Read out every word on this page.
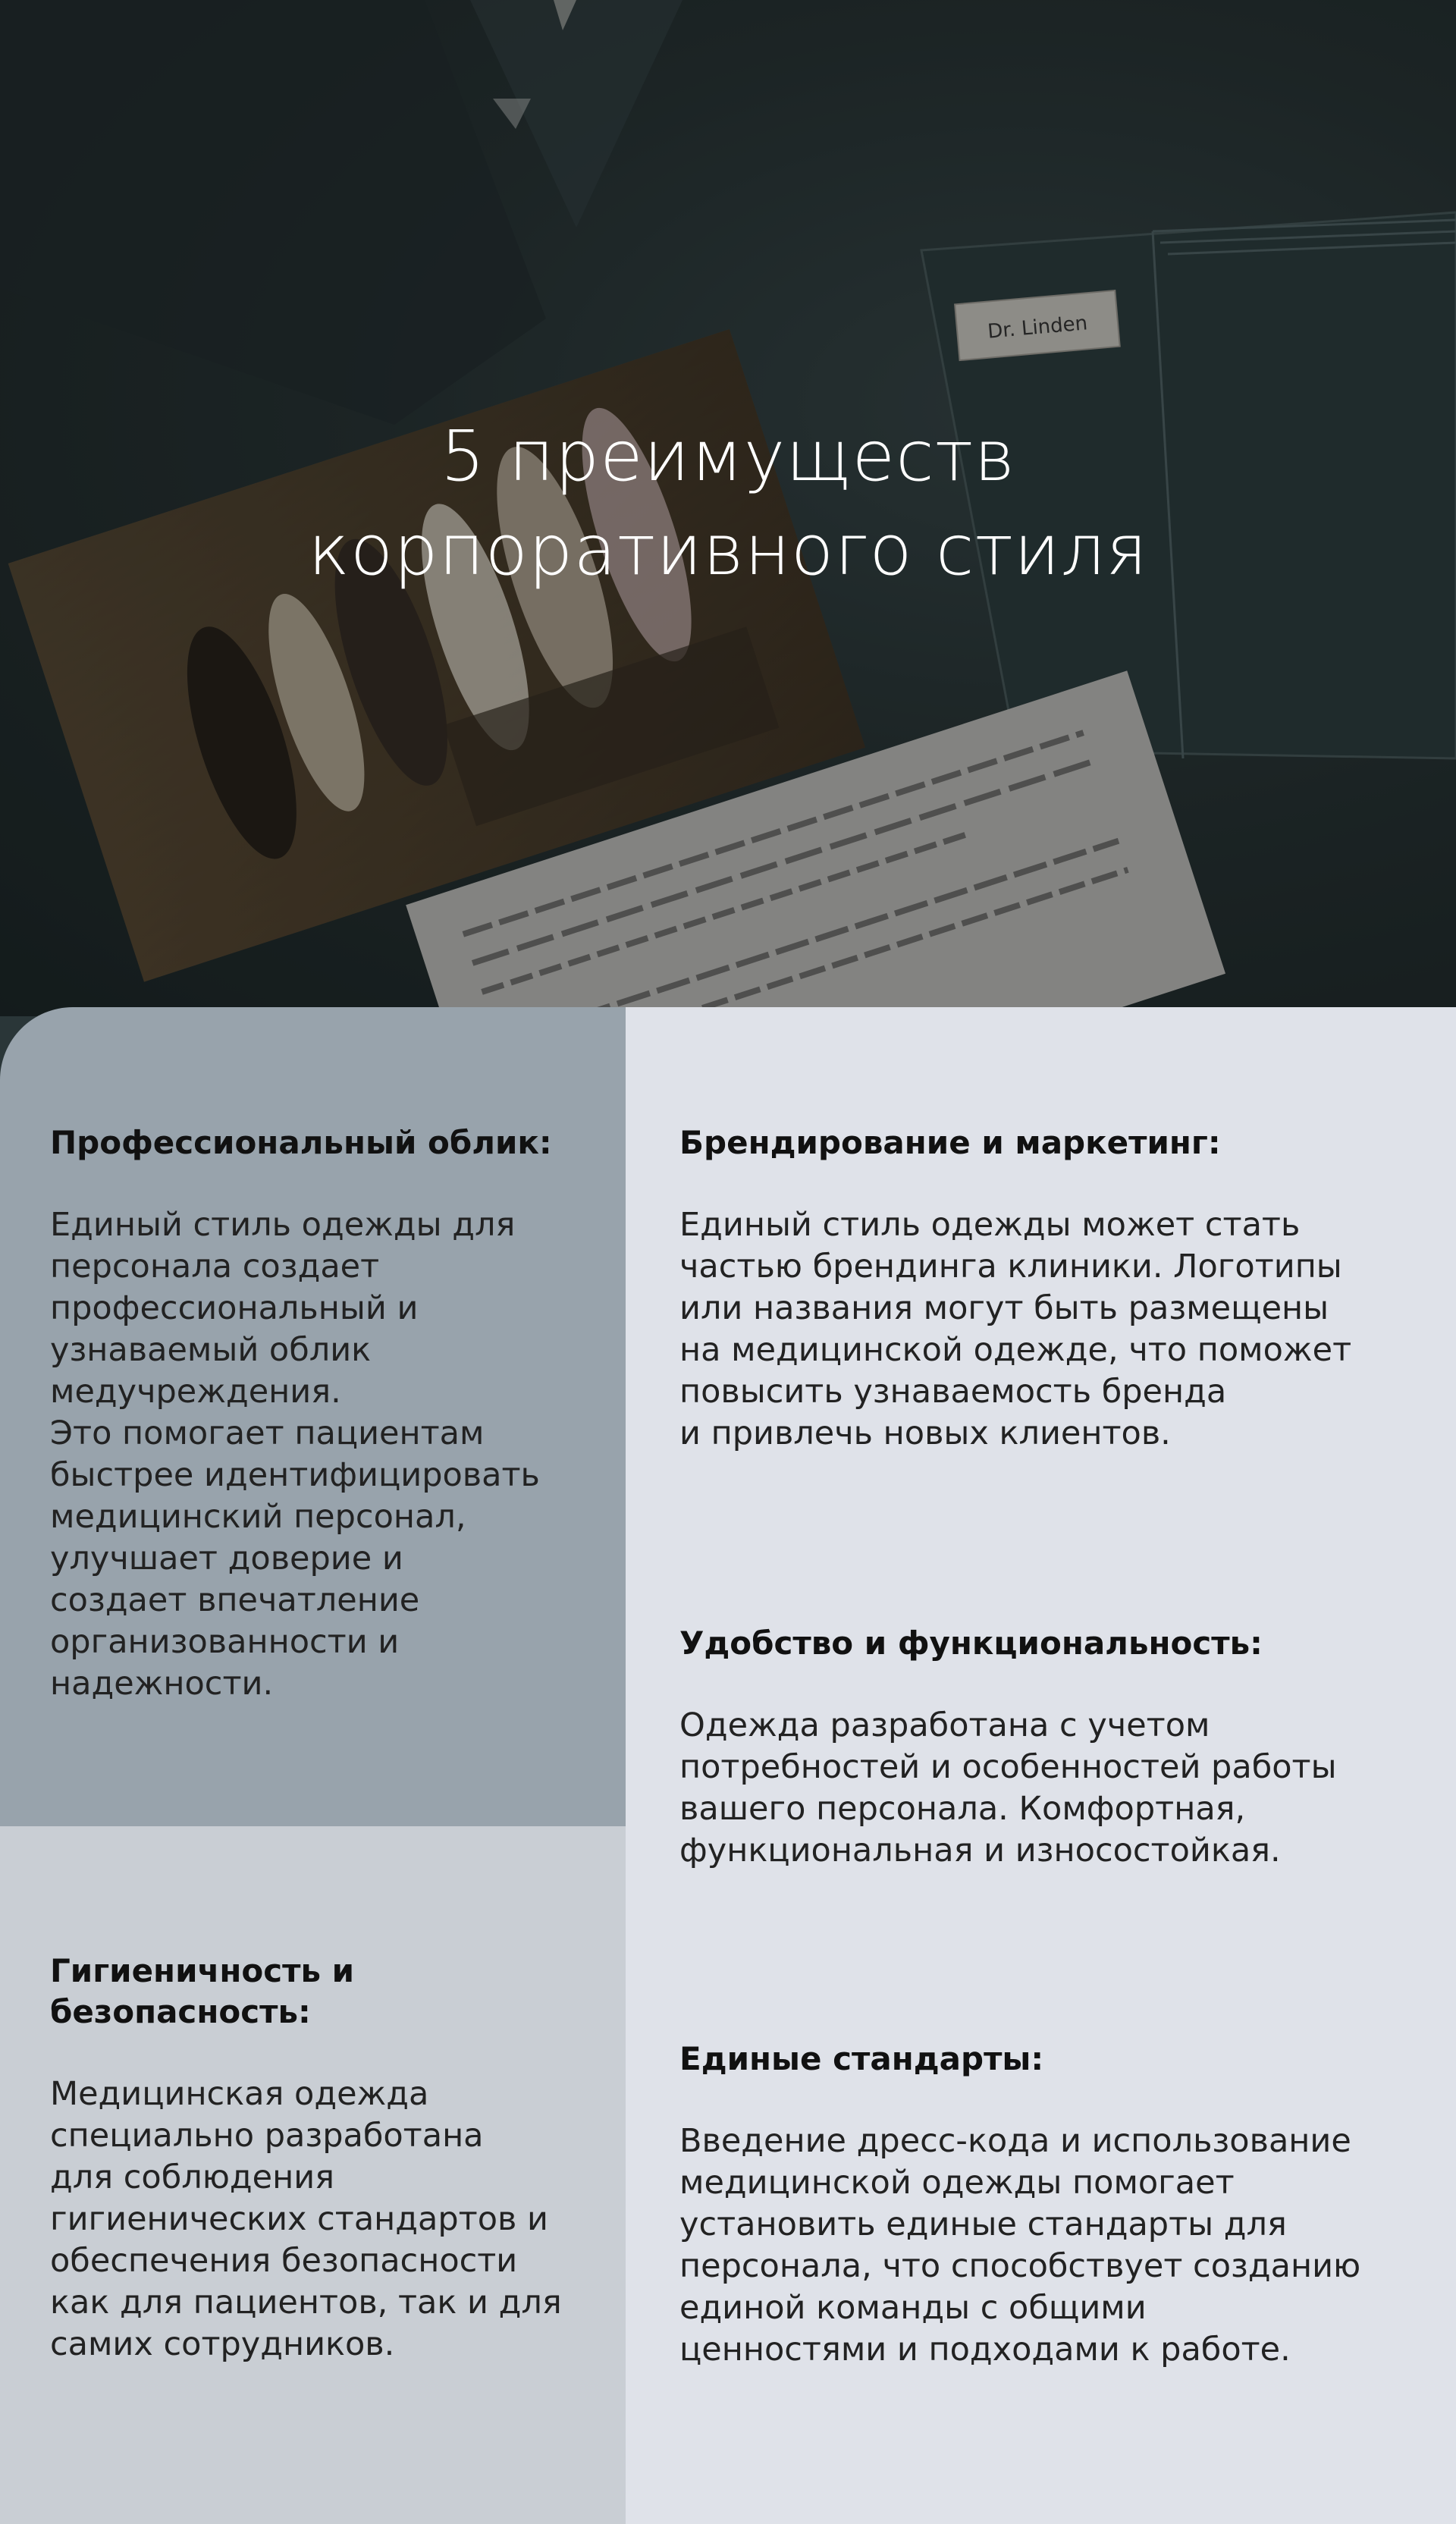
Dr. Linden
5 преимуществ
корпоративного стиля
Профессиональный облик:

Единый стиль одежды для
персонала создает
профессиональный и
узнаваемый облик
медучреждения.
Это помогает пациентам
быстрее идентифицировать
медицинский персонал,
улучшает доверие и
создает впечатление
организованности и
надежности.

Гигиеничность и
безопасность:

Медицинская одежда
специально разработана
для соблюдения
гигиенических стандартов и
обеспечения безопасности
как для пациентов, так и для
самих сотрудников.

Брендирование и маркетинг:

Единый стиль одежды может стать
частью брендинга клиники. Логотипы
или названия могут быть размещены
на медицинской одежде, что поможет
повысить узнаваемость бренда
и привлечь новых клиентов.

Удобство и функциональность:

Одежда разработана с учетом
потребностей и особенностей работы
вашего персонала. Комфортная,
функциональная и износостойкая.

Единые стандарты:

Введение дресс-кода и использование
медицинской одежды помогает
установить единые стандарты для
персонала, что способствует созданию
единой команды с общими
ценностями и подходами к работе.
